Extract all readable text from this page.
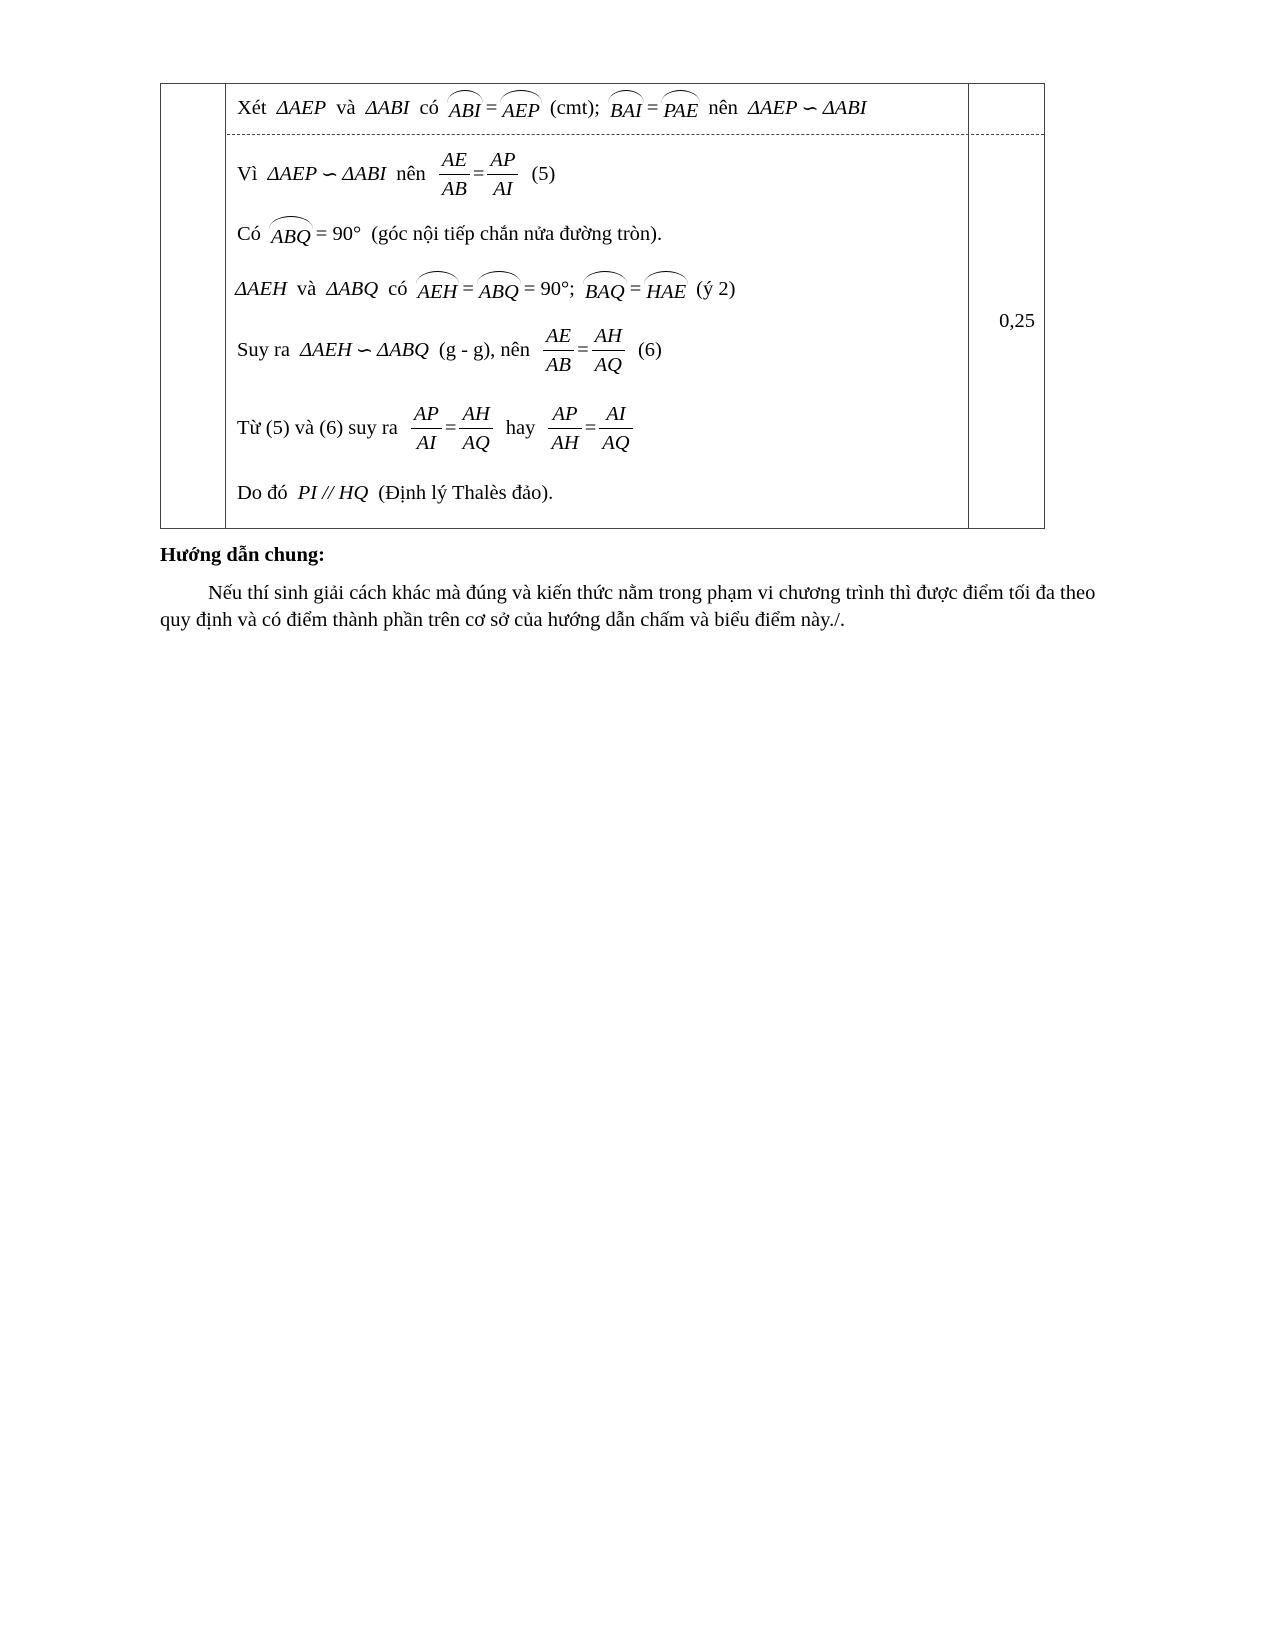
Xét ΔAEP và ΔABI có ABI = AEP (cmt); BAI = PAE nên ΔAEP ∽ ΔABI
Vì ΔAEP ∽ ΔABI nên $\frac{AE}{AB} = \frac{AP}{AI} (5)$
Có ABQ = 90° (góc nội tiếp chắn nửa đường tròn).
ΔAEH và ΔABQ có AEH = ABQ = 90°; BAQ = HAE (ý 2)
Suy ra ΔAEH ∽ ΔABQ (g - g), nên $\frac{AE}{AB} = \frac{AH}{AQ} (6)$
Từ (5) và (6) suy ra $\frac{AP}{AI} = \frac{AH}{AQ}$ hay $\frac{AP}{AH} = \frac{AI}{AQ}$
Do đó PI // HQ (Định lý Thalès đảo).
0,25
Hướng dẫn chung:
Nếu thí sinh giải cách khác mà đúng và kiến thức nằm trong phạm vi chương trình thì được điểm tối đa theo quy định và có điểm thành phần trên cơ sở của hướng dẫn chấm và biểu điểm này./.
